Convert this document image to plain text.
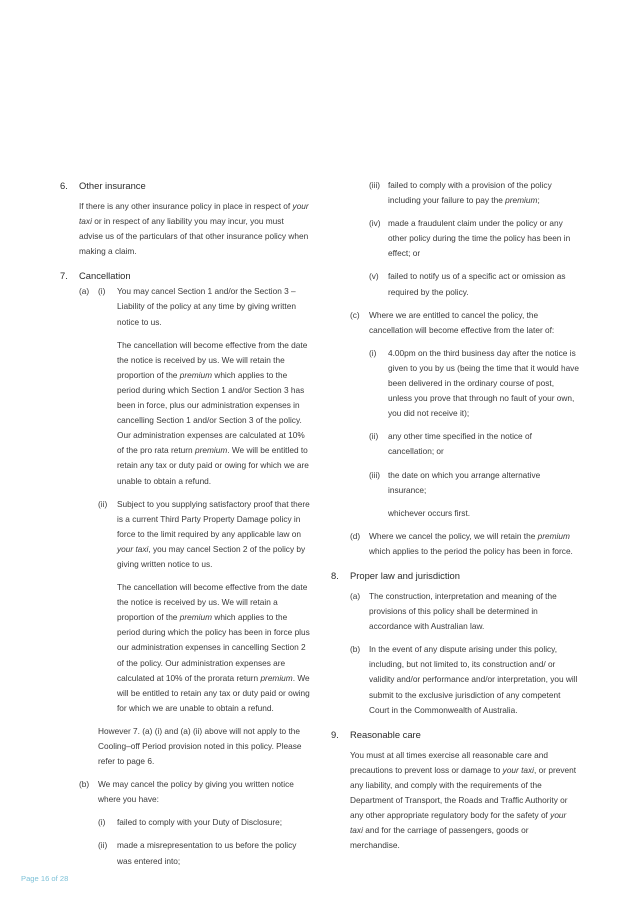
6. Other insurance
If there is any other insurance policy in place in respect of your taxi or in respect of any liability you may incur, you must advise us of the particulars of that other insurance policy when making a claim.
7. Cancellation
(a) (i) You may cancel Section 1 and/or the Section 3 – Liability of the policy at any time by giving written notice to us.
The cancellation will become effective from the date the notice is received by us. We will retain the proportion of the premium which applies to the period during which Section 1 and/or Section 3 has been in force, plus our administration expenses in cancelling Section 1 and/or Section 3 of the policy. Our administration expenses are calculated at 10% of the pro rata return premium. We will be entitled to retain any tax or duty paid or owing for which we are unable to obtain a refund.
(ii) Subject to you supplying satisfactory proof that there is a current Third Party Property Damage policy in force to the limit required by any applicable law on your taxi, you may cancel Section 2 of the policy by giving written notice to us.
The cancellation will become effective from the date the notice is received by us. We will retain a proportion of the premium which applies to the period during which the policy has been in force plus our administration expenses in cancelling Section 2 of the policy. Our administration expenses are calculated at 10% of the prorata return premium. We will be entitled to retain any tax or duty paid or owing for which we are unable to obtain a refund.
However 7. (a) (i) and (a) (ii) above will not apply to the Cooling–off Period provision noted in this policy. Please refer to page 6.
(b) We may cancel the policy by giving you written notice where you have:
(i) failed to comply with your Duty of Disclosure;
(ii) made a misrepresentation to us before the policy was entered into;
(iii) failed to comply with a provision of the policy including your failure to pay the premium;
(iv) made a fraudulent claim under the policy or any other policy during the time the policy has been in effect; or
(v) failed to notify us of a specific act or omission as required by the policy.
(c) Where we are entitled to cancel the policy, the cancellation will become effective from the later of:
(i) 4.00pm on the third business day after the notice is given to you by us (being the time that it would have been delivered in the ordinary course of post, unless you prove that through no fault of your own, you did not receive it);
(ii) any other time specified in the notice of cancellation; or
(iii) the date on which you arrange alternative insurance;
whichever occurs first.
(d) Where we cancel the policy, we will retain the premium which applies to the period the policy has been in force.
8. Proper law and jurisdiction
(a) The construction, interpretation and meaning of the provisions of this policy shall be determined in accordance with Australian law.
(b) In the event of any dispute arising under this policy, including, but not limited to, its construction and/ or validity and/or performance and/or interpretation, you will submit to the exclusive jurisdiction of any competent Court in the Commonwealth of Australia.
9. Reasonable care
You must at all times exercise all reasonable care and precautions to prevent loss or damage to your taxi, or prevent any liability, and comply with the requirements of the Department of Transport, the Roads and Traffic Authority or any other appropriate regulatory body for the safety of your taxi and for the carriage of passengers, goods or merchandise.
Page 16 of 28
